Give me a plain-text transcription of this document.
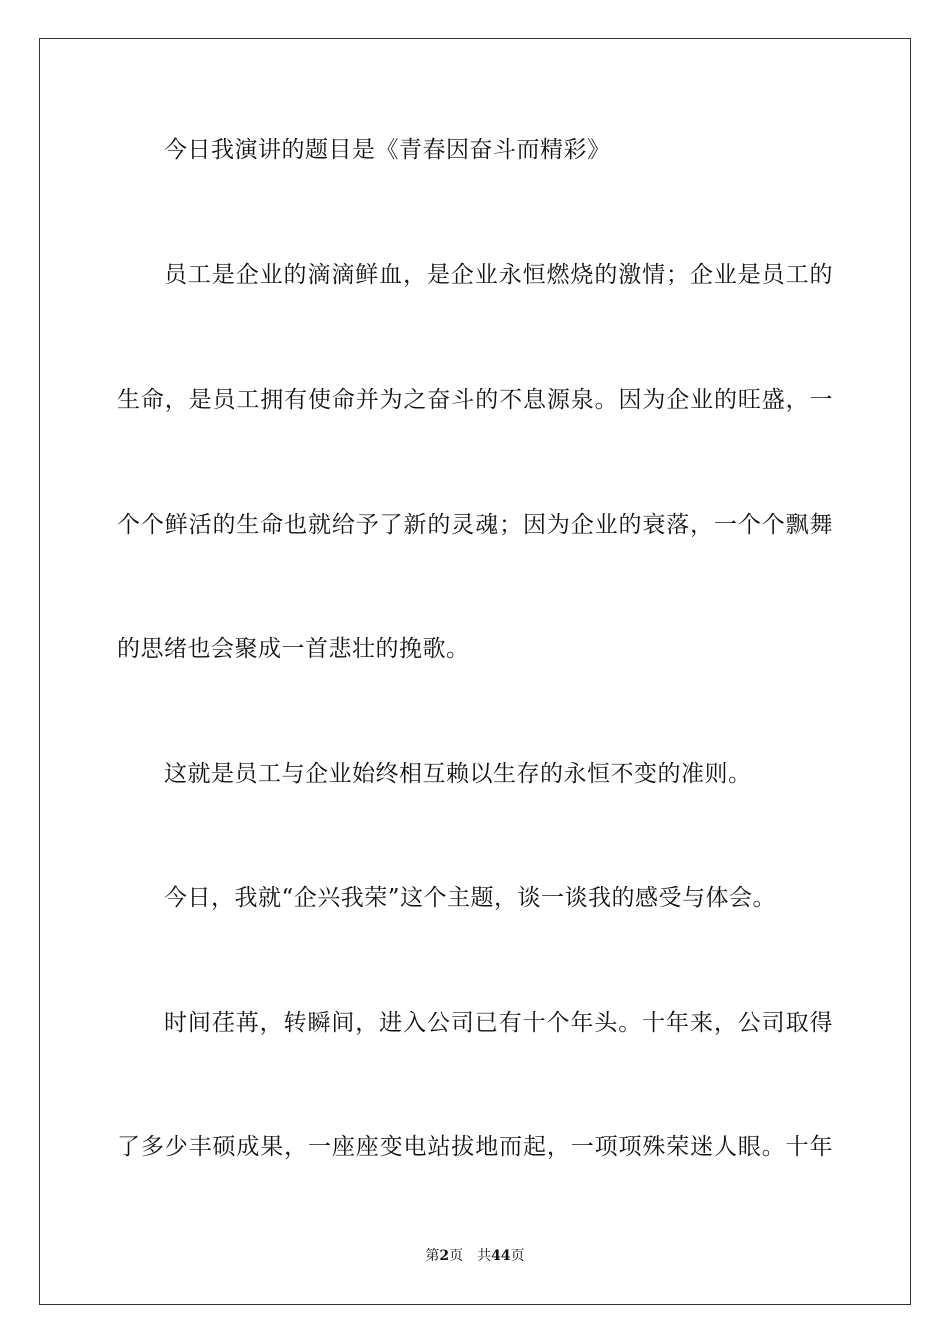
今日我演讲的题目是《青春因奋斗而精彩》
员工是企业的滴滴鲜血，是企业永恒燃烧的激情；企业是员工的
生命，是员工拥有使命并为之奋斗的不息源泉。因为企业的旺盛，一
个个鲜活的生命也就给予了新的灵魂；因为企业的衰落，一个个飘舞
的思绪也会聚成一首悲壮的挽歌。
这就是员工与企业始终相互赖以生存的永恒不变的准则。
今日，我就“企兴我荣”这个主题，谈一谈我的感受与体会。
时间荏苒，转瞬间，进入公司已有十个年头。十年来，公司取得
了多少丰硕成果，一座座变电站拔地而起，一项项殊荣迷人眼。十年
第2页 共44页
